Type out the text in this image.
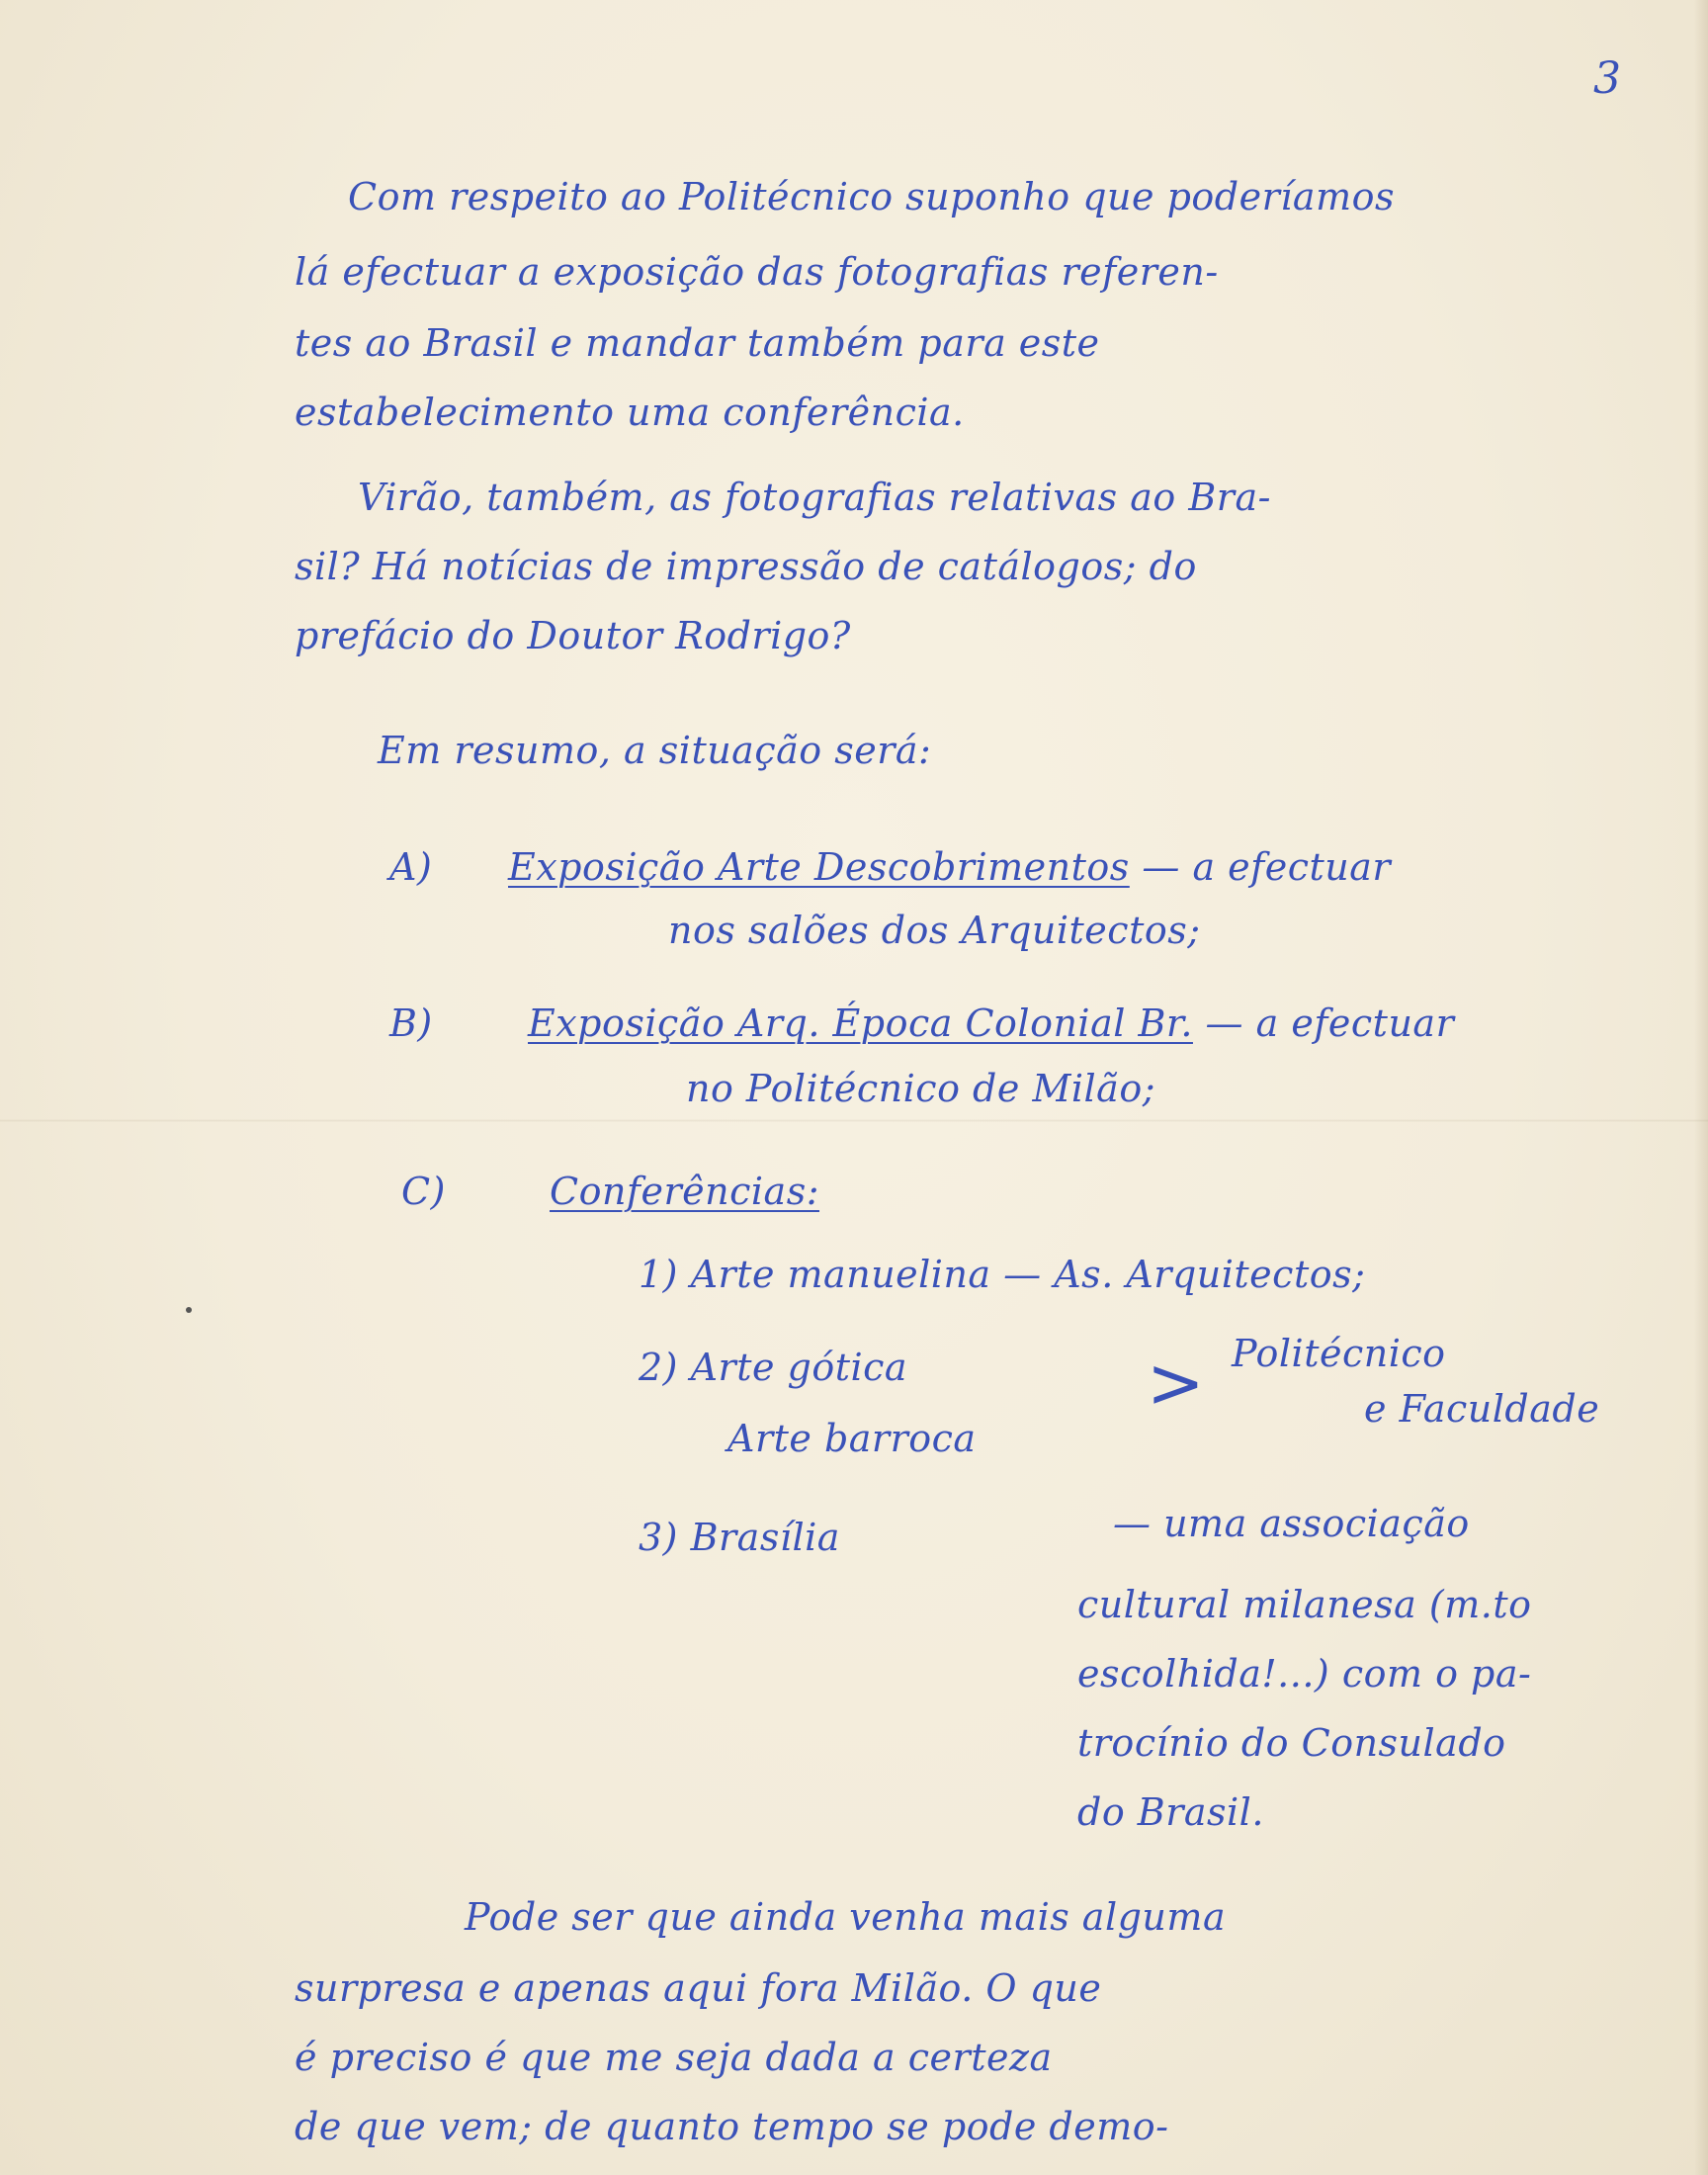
3
Com respeito ao Politécnico suponho que poderíamos
lá efectuar a exposição das fotografias referen-
tes ao Brasil e mandar também para este
estabelecimento uma conferência.
Virão, também, as fotografias relativas ao Bra-
sil? Há notícias de impressão de catálogos; do
prefácio do Doutor Rodrigo?
Em resumo, a situação será:
A) Exposição Arte Descobrimentos — a efectuar
nos salões dos Arquitectos;
B)	Exposição Arq. Época Colonial Br. — a efectuar
no Politécnico de Milão;
C)	Conferências:
1) Arte manuelina — As. Arquitectos;
2) Arte gótica
Arte barroca
> Politécnico
e Faculdade
3) Brasília	— uma associação
cultural milanesa (m.to
escolhida!...) com o pa-
trocínio do Consulado
do Brasil.
Pode ser que ainda venha mais alguma
surpresa e apenas aqui fora Milão. O que
é preciso é que me seja dada a certeza
de que vem; de quanto tempo se pode demo-
